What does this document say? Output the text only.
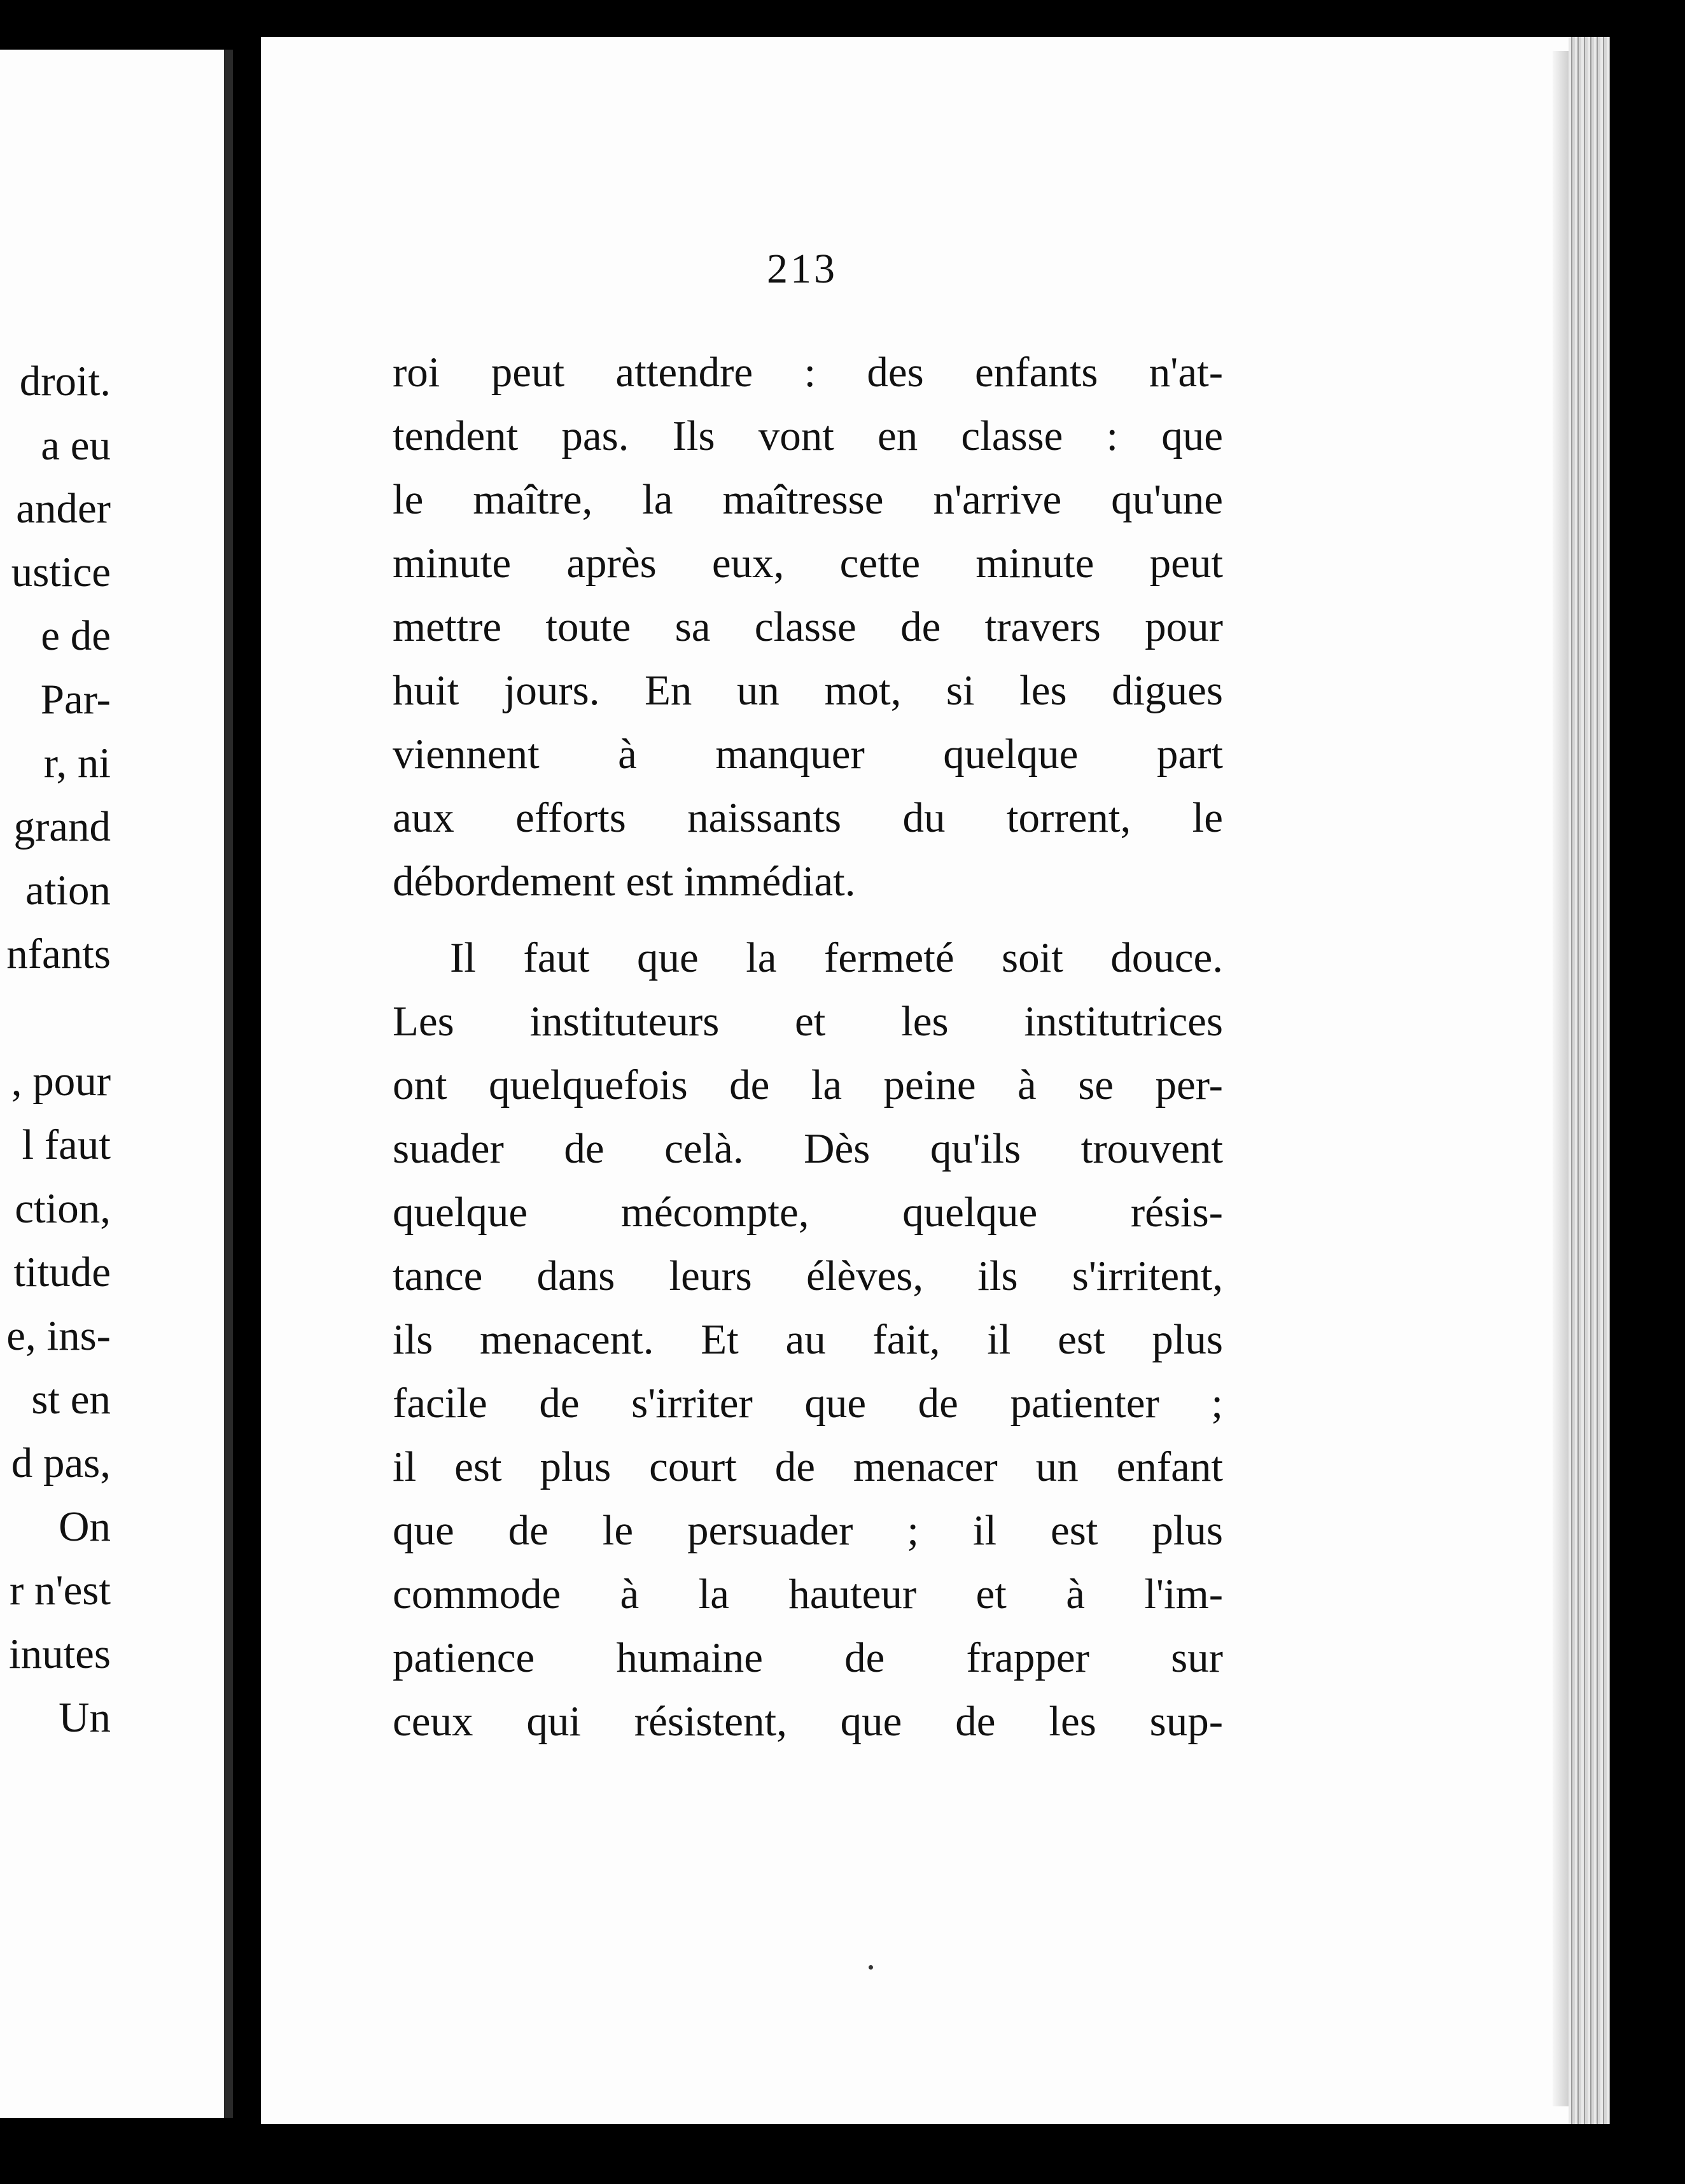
droit.

a eu

ander

ustice

e de

Par-

r, ni

grand

ation

nfants

, pour

l faut

ction,

titude

e, ins-

st en

d pas,

On

r n'est

inutes

Un

213

roi peut attendre : des enfants n'at-

tendent pas. Ils vont en classe : que

le maître, la maîtresse n'arrive qu'une

minute après eux, cette minute peut

mettre toute sa classe de travers pour

huit jours. En un mot, si les digues

viennent à manquer quelque part

aux efforts naissants du torrent, le

débordement est immédiat.

Il faut que la fermeté soit douce.

Les instituteurs et les institutrices

ont quelquefois de la peine à se per-

suader de celà. Dès qu'ils trouvent

quelque mécompte, quelque résis-

tance dans leurs élèves, ils s'irritent,

ils menacent. Et au fait, il est plus

facile de s'irriter que de patienter ;

il est plus court de menacer un enfant

que de le persuader ; il est plus

commode à la hauteur et à l'im-

patience humaine de frapper sur

ceux qui résistent, que de les sup-
